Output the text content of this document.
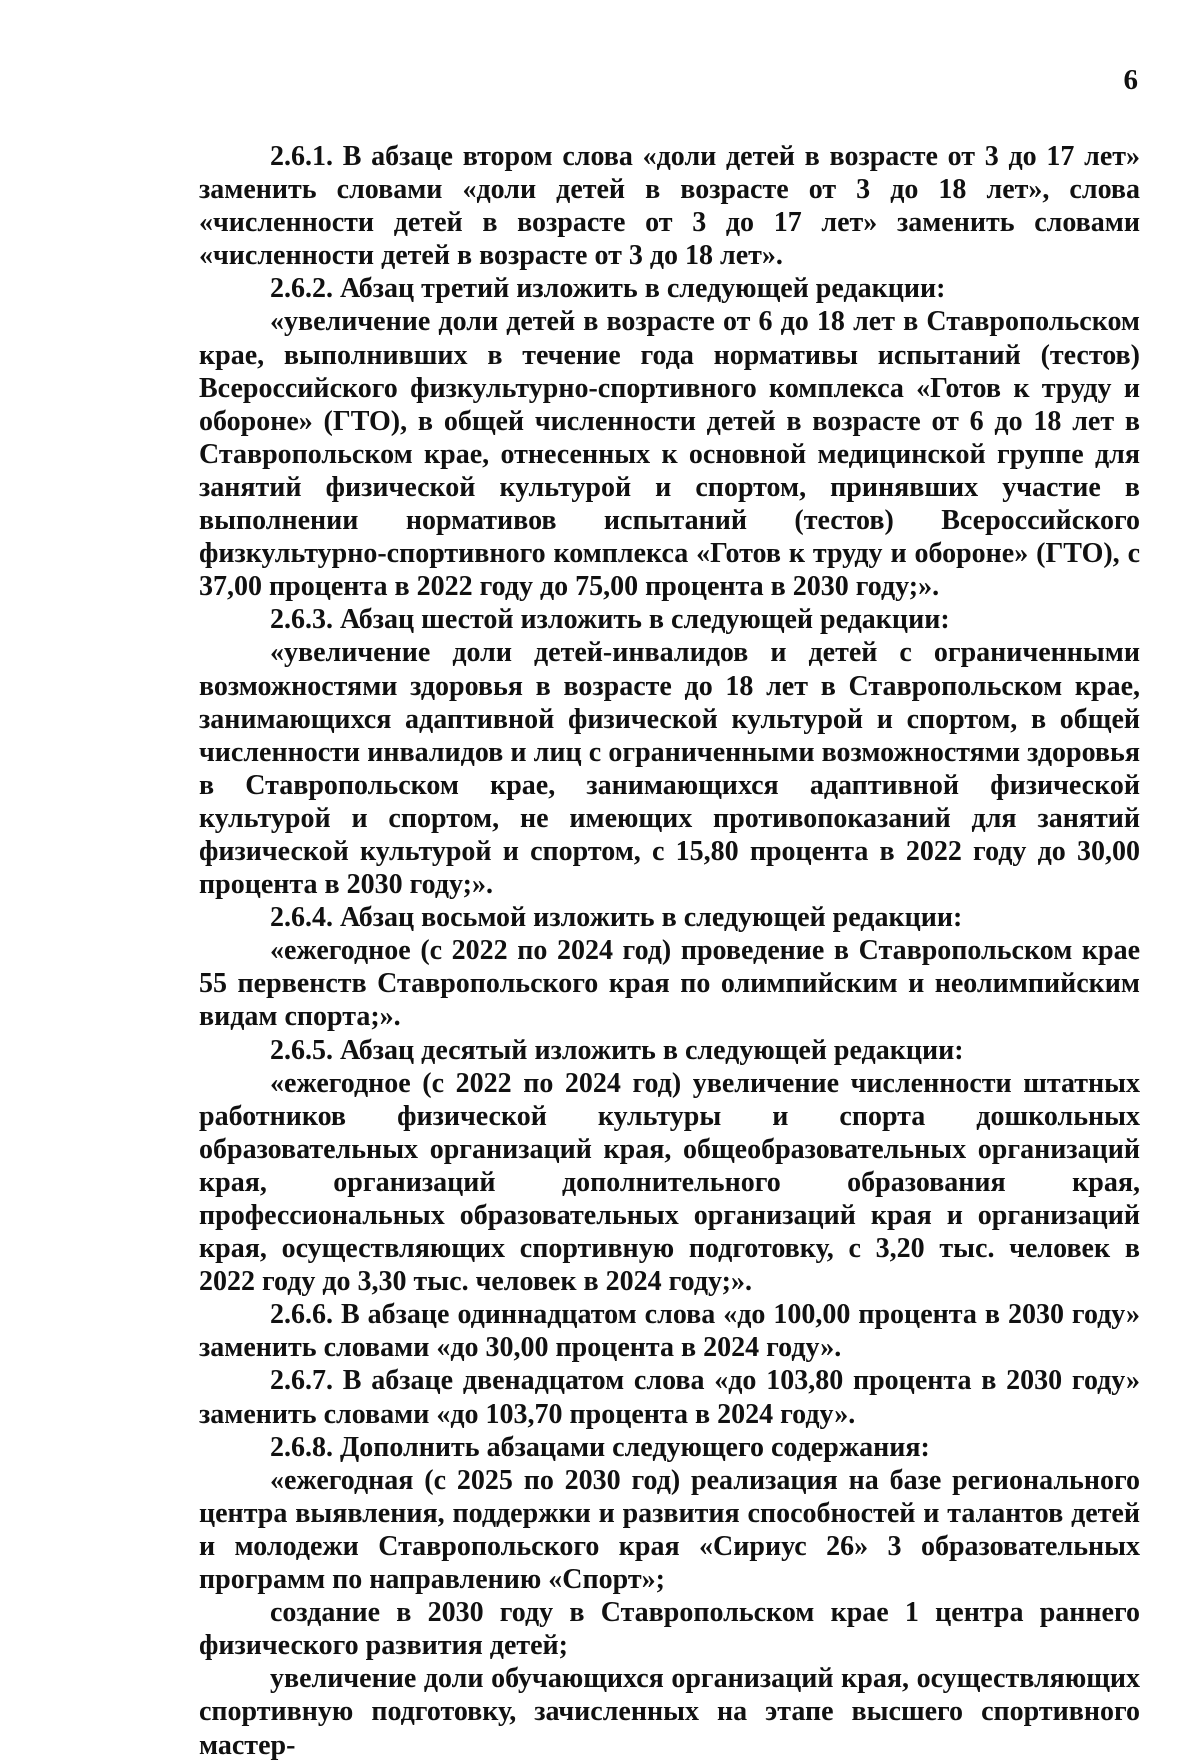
6

2.6.1. В абзаце втором слова «доли детей в возрасте от 3 до 17 лет» заменить словами «доли детей в возрасте от 3 до 18 лет», слова «численности детей в возрасте от 3 до 17 лет» заменить словами «численности детей в возрасте от 3 до 18 лет».

2.6.2. Абзац третий изложить в следующей редакции:

«увеличение доли детей в возрасте от 6 до 18 лет в Ставропольском крае, выполнивших в течение года нормативы испытаний (тестов) Всероссийского физкультурно-спортивного комплекса «Готов к труду и обороне» (ГТО), в общей численности детей в возрасте от 6 до 18 лет в Ставропольском крае, отнесенных к основной медицинской группе для занятий физической культурой и спортом, принявших участие в выполнении нормативов испытаний (тестов) Всероссийского физкультурно-спортивного комплекса «Готов к труду и обороне» (ГТО), с 37,00 процента в 2022 году до 75,00 процента в 2030 году;».

2.6.3. Абзац шестой изложить в следующей редакции:

«увеличение доли детей-инвалидов и детей с ограниченными возможностями здоровья в возрасте до 18 лет в Ставропольском крае, занимающихся адаптивной физической культурой и спортом, в общей численности инвалидов и лиц с ограниченными возможностями здоровья в Ставропольском крае, занимающихся адаптивной физической культурой и спортом, не имеющих противопоказаний для занятий физической культурой и спортом, с 15,80 процента в 2022 году до 30,00 процента в 2030 году;».

2.6.4. Абзац восьмой изложить в следующей редакции:

«ежегодное (с 2022 по 2024 год) проведение в Ставропольском крае 55 первенств Ставропольского края по олимпийским и неолимпийским видам спорта;».

2.6.5. Абзац десятый изложить в следующей редакции:

«ежегодное (с 2022 по 2024 год) увеличение численности штатных работников физической культуры и спорта дошкольных образовательных организаций края, общеобразовательных организаций края, организаций дополнительного образования края, профессиональных образовательных организаций края и организаций края, осуществляющих спортивную подготовку, с 3,20 тыс. человек в 2022 году до 3,30 тыс. человек в 2024 году;».

2.6.6. В абзаце одиннадцатом слова «до 100,00 процента в 2030 году» заменить словами «до 30,00 процента в 2024 году».

2.6.7. В абзаце двенадцатом слова «до 103,80 процента в 2030 году» заменить словами «до 103,70 процента в 2024 году».

2.6.8. Дополнить абзацами следующего содержания:

«ежегодная (с 2025 по 2030 год) реализация на базе регионального центра выявления, поддержки и развития способностей и талантов детей и молодежи Ставропольского края «Сириус 26» 3 образовательных программ по направлению «Спорт»;

создание в 2030 году в Ставропольском крае 1 центра раннего физического развития детей;

увеличение доли обучающихся организаций края, осуществляющих спортивную подготовку, зачисленных на этапе высшего спортивного мастер-
